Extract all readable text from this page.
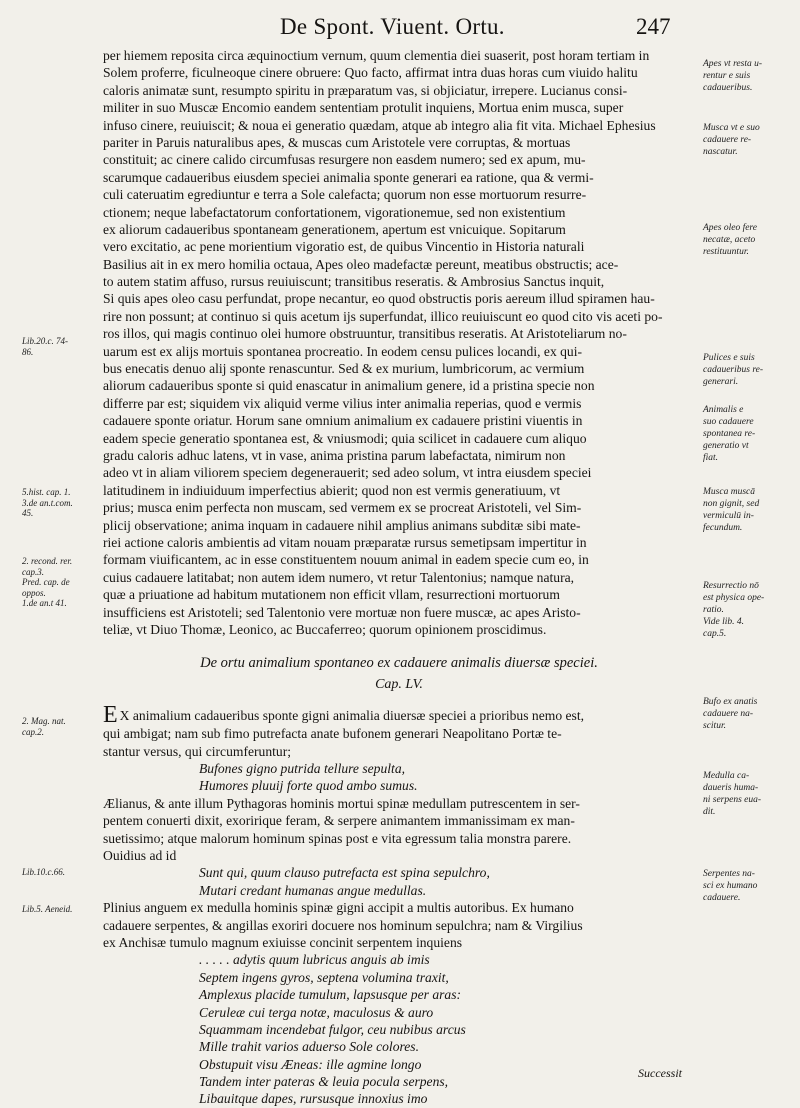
De Spont. Viuent. Ortu.	247
per hiemem reposita circa æquinoctium vernum, quum clementia diei suaserit, post horam tertiam in
Solem proferre, ficulneoque cinere obruere: Quo facto, affirmat intra duas horas cum viuido halitu
caloris animatæ sunt, resumpto spiritu in præparatum vas, si objiciatur, irrepere. Lucianus consi-
militer in suo Muscæ Encomio eandem sententiam protulit inquiens, Mortua enim musca, super
infuso cinere, reuiuiscit; & noua ei generatio quædam, atque ab integro alia fit vita. Michael Ephesius
pariter in Paruis naturalibus apes, & muscas cum Aristotele vere corruptas, & mortuas
constituit; ac cinere calido circumfusas resurgere non easdem numero; sed ex apum, mu-
scarumque cadaueribus eiusdem speciei animalia sponte generari ea ratione, qua & vermi-
culi cateruatim egrediuntur e terra a Sole calefacta; quorum non esse mortuorum resurre-
ctionem; neque labefactatorum confortationem, vigorationemue, sed non existentium
ex aliorum cadaueribus spontaneam generationem, apertum est vnicuique. Sopitarum
vero excitatio, ac pene morientium vigoratio est, de quibus Vincentio in Historia naturali
Basilius ait in ex mero homilia octaua, Apes oleo madefactæ pereunt, meatibus obstructis; ace-
to autem statim affuso, rursus reuiuiscunt; transitibus reseratis. & Ambrosius Sanctus inquit,
Si quis apes oleo casu perfundat, prope necantur, eo quod obstructis poris aereum illud spiramen hau-
rire non possunt; at continuo si quis acetum ijs superfundat, illico reuiuiscunt eo quod cito vis aceti po-
ros illos, qui magis continuo olei humore obstruuntur, transitibus reseratis. At Aristoteliarum no-
uarum est ex alijs mortuis spontanea procreatio. In eodem censu pulices locandi, ex qui-
bus enecatis denuo alij sponte renascuntur. Sed & ex murium, lumbricorum, ac vermium
aliorum cadaueribus sponte si quid enascatur in animalium genere, id a pristina specie non
differre par est; siquidem vix aliquid verme vilius inter animalia reperias, quod e vermis
cadauere sponte oriatur. Horum sane omnium animalium ex cadauere pristini viuentis in
eadem specie generatio spontanea est, & vniusmodi; quia scilicet in cadauere cum aliquo
gradu caloris adhuc latens, vt in vase, anima pristina parum labefactata, nimirum non
adeo vt in aliam viliorem speciem degenerauerit; sed adeo solum, vt intra eiusdem speciei
latitudinem in indiuiduum imperfectius abierit; quod non est vermis generatiuum, vt
prius; musca enim perfecta non muscam, sed vermem ex se procreat Aristoteli, vel Sim-
plicij observatione; anima inquam in cadauere nihil amplius animans subditæ sibi mate-
riei actione caloris ambientis ad vitam nouam præparatæ rursus semetipsam impertitur in
formam viuificantem, ac in esse constituentem nouum animal in eadem specie cum eo, in
cuius cadauere latitabat; non autem idem numero, vt retur Talentonius; namque natura,
quæ a priuatione ad habitum mutationem non efficit vllam, resurrectioni mortuorum
insufficiens est Aristoteli; sed Talentonio vere mortuæ non fuere muscæ, ac apes Aristo-
teliæ, vt Diuo Thomæ, Leonico, ac Buccaferreo; quorum opinionem proscidimus.
De ortu animalium spontaneo ex cadauere animalis diuersæ speciei.
Cap. LV.
E X animalium cadaueribus sponte gigni animalia diuersæ speciei a prioribus nemo est,
qui ambigat; nam sub fimo putrefacta anate bufonem generari Neapolitano Portæ te-
stantur versus, qui circumferuntur;
Bufones gigno putrida tellure sepulta,
Humores pluuij forte quod ambo sumus.
Ælianus, & ante illum Pythagoras hominis mortui spinæ medullam putrescentem in ser-
pentem conuerti dixit, exoririque feram, & serpere animantem immanissimam ex man-
suetissimo; atque malorum hominum spinas post e vita egressum talia monstra parere.
Ouidius ad id
Sunt qui, quum clauso putrefacta est spina sepulchro,
Mutari credant humanas angue medullas.
Plinius anguem ex medulla hominis spinæ gigni accipit a multis autoribus. Ex humano
cadauere serpentes, & angillas exoriri docuere nos hominum sepulchra; nam & Virgilius
ex Anchisæ tumulo magnum exiuisse concinit serpentem inquiens
. . . . . adytis quum lubricus anguis ab imis
Septem ingens gyros, septena volumina traxit,
Amplexus placide tumulum, lapsusque per aras:
Ceruleæ cui terga notæ, maculosus & auro
Squammam incendebat fulgor, ceu nubibus arcus
Mille trahit varios aduerso Sole colores.
Obstupuit visu Æneas: ille agmine longo
Tandem inter pateras & leuia pocula serpens,
Libauitque dapes, rursusque innoxius imo
Successit
Lib.20.c. 74-
86.
5.hist. cap. 1.
3.de an.t.com.
45.
2. recond. rer.
cap.3.
Pred. cap. de
oppos.
1.de an.t 41.
2. Mag. nat.
cap.2.
Lib.10.c.66.
Lib.5. Aeneid.
Apes vt resta u-
rentur e suis
cadaueribus.
Musca vt e suo
cadauere re-
nascatur.
Apes oleo fere
necatæ, aceto
restituuntur.
Pulices e suis
cadaueribus re-
generari.
Animalis e
suo cadauere
spontanea re-
generatio vt
fiat.
Musca muscā
non gignit, sed
vermiculū in-
fecundum.
Resurrectio nō
est physica ope-
ratio.
Vide lib. 4.
cap.5.
Bufo ex anatis
cadauere na-
scitur.
Medulla ca-
daueris huma-
ni serpens eua-
dit.
Serpentes na-
sci ex humano
cadauere.
